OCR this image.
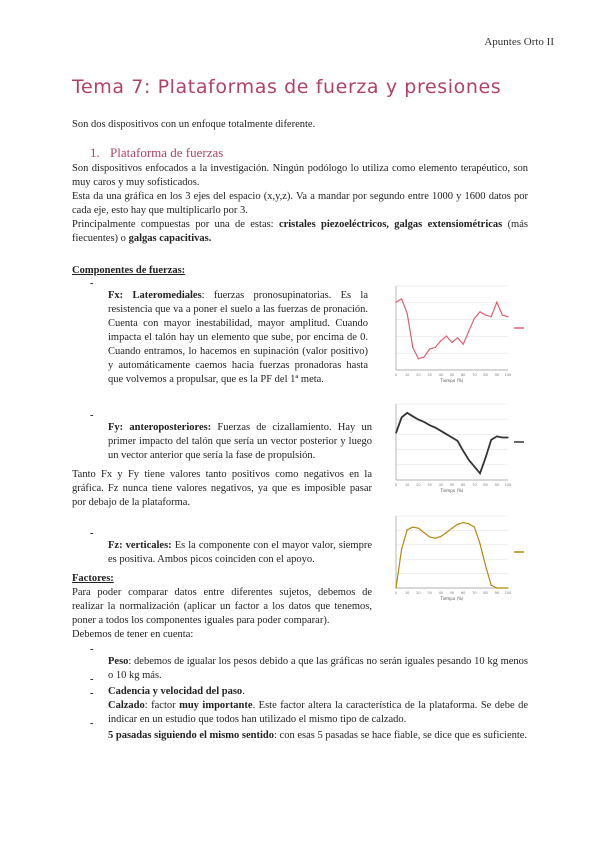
Apuntes Orto II
Tema 7: Plataformas de fuerza y presiones

Son dos dispositivos con un enfoque totalmente diferente.

1. Plataforma de fuerzas

Son dispositivos enfocados a la investigación. Ningún podólogo lo utiliza como elemento terapéutico, son muy caros y muy sofisticados.

Esta da una gráfica en los 3 ejes del espacio (x,y,z). Va a mandar por segundo entre 1000 y 1600 datos por cada eje, esto hay que multiplicarlo por 3.

Principalmente compuestas por una de estas: cristales piezoeléctricos, galgas extensiométricas (más fiecuentes) o galgas capacitivas.

Componentes de fuerzas:

-

Fx: Lateromediales: fuerzas pronosupinatorias. Es la resistencia que va a poner el suelo a las fuerzas de pronación. Cuenta con mayor inestabilidad, mayor amplitud. Cuando impacta el talón hay un elemento que sube, por encima de 0. Cuando entramos, lo hacemos en supinación (valor positivo) y automáticamente caemos hacia fuerzas pronadoras hasta que volvemos a propulsar, que es la PF del 1ª meta.

-

Fy: anteroposteriores: Fuerzas de cizallamiento. Hay un primer impacto del talón que sería un vector posterior y luego un vector anterior que sería la fase de propulsión.

Tanto Fx y Fy tiene valores tanto positivos como negativos en la gráfica. Fz nunca tiene valores negativos, ya que es imposible pasar por debajo de la plataforma.

-

Fz: verticales: Es la componente con el mayor valor, siempre es positiva. Ambos picos coinciden con el apoyo.

Factores:

Para poder comparar datos entre diferentes sujetos, debemos de realizar la normalización (aplicar un factor a los datos que tenemos, poner a todos los componentes iguales para poder comparar).

Debemos de tener en cuenta:

-

Peso: debemos de igualar los pesos debido a que las gráficas no serán iguales pesando 10 kg menos o 10 kg más.

-

Cadencia y velocidad del paso.

-

Calzado: factor muy importante. Este factor altera la característica de la plataforma. Se debe de indicar en un estudio que todos han utilizado el mismo tipo de calzado.

-

5 pasadas siguiendo el mismo sentido: con esas 5 pasadas se hace fiable, se dice que es suficiente.

0 10 20 30 40 50 60 70 80 90 100
Tiempo (%)
0 10 20 30 40 50 60 70 80 90 100
Tiempo (%)
0 10 20 30 40 50 60 70 80 90 100
Tiempo (%)
